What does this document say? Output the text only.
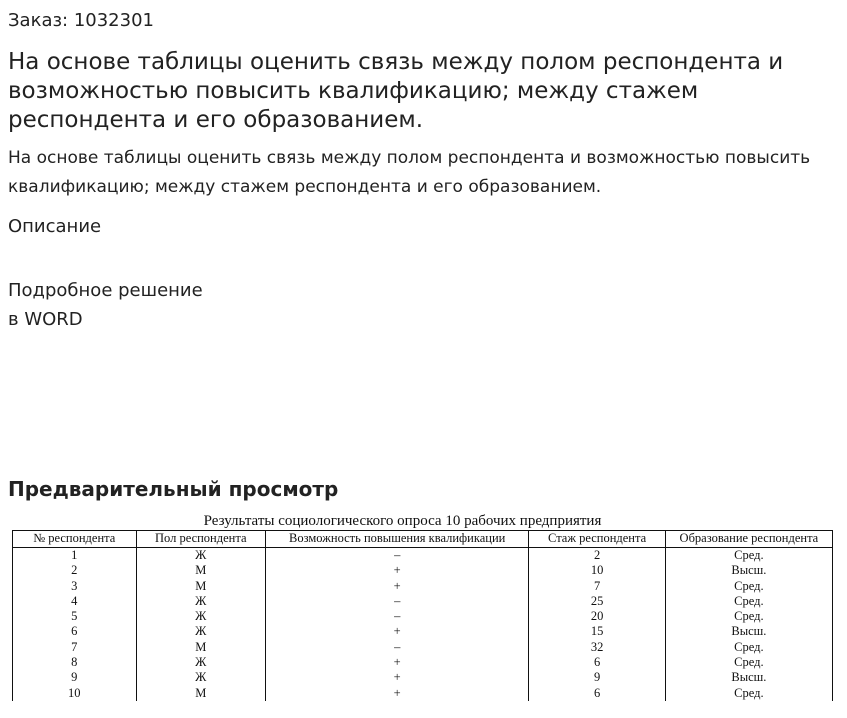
Заказ: 1032301
На основе таблицы оценить связь между полом респондента и возможностью повысить квалификацию; между стажем респондента и его образованием.

На основе таблицы оценить связь между полом респондента и возможностью повысить квалификацию; между стажем респондента и его образованием.

Описание
Подробное решение
в WORD
Предварительный просмотр
Результаты социологического опроса 10 рабочих предприятия
№ респондента	Пол респондента	Возможность повышения квалификации	Стаж респондента	Образование респондента
1	Ж	–	2	Сред.
2	М	+	10	Высш.
3	М	+	7	Сред.
4	Ж	–	25	Сред.
5	Ж	–	20	Сред.
6	Ж	+	15	Высш.
7	М	–	32	Сред.
8	Ж	+	6	Сред.
9	Ж	+	9	Высш.
10	М	+	6	Сред.
